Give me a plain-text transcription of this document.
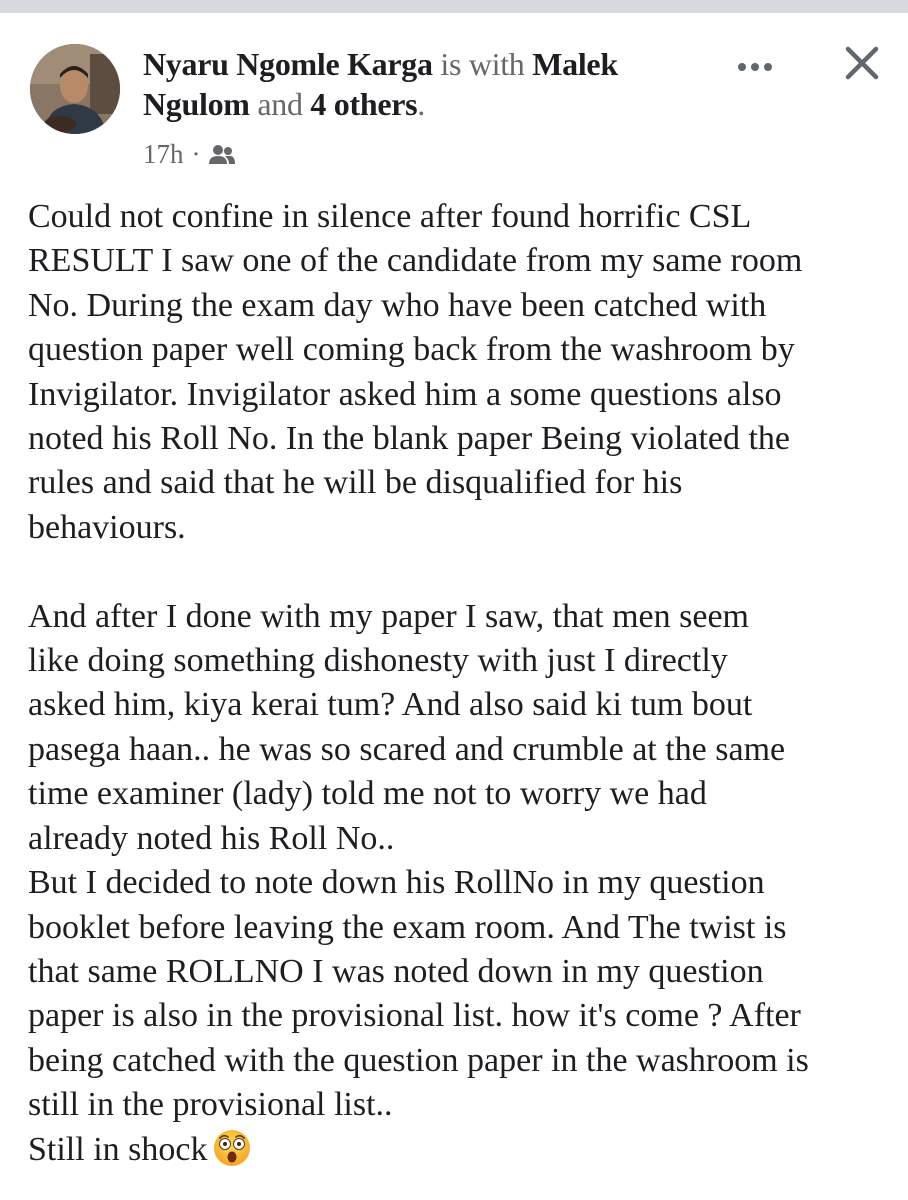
Nyaru Ngomle Karga is with Malek
Ngulom and 4 others.
17h ·

Could not confine in silence after found horrific CSL

RESULT I saw one of the candidate from my same room

No. During the exam day who have been catched with

question paper well coming back from the washroom by

Invigilator. Invigilator asked him a some questions also

noted his Roll No. In the blank paper Being violated the

rules and said that he will be disqualified for his

behaviours.

And after I done with my paper I saw, that men seem

like doing something dishonesty with just I directly

asked him, kiya kerai tum? And also said ki tum bout

pasega haan.. he was so scared and crumble at the same

time examiner (lady) told me not to worry we had

already noted his Roll No..

But I decided to note down his RollNo in my question

booklet before leaving the exam room. And The twist is

that same ROLLNO I was noted down in my question

paper is also in the provisional list. how it's come ? After

being catched with the question paper in the washroom is

still in the provisional list..

Still in shock
